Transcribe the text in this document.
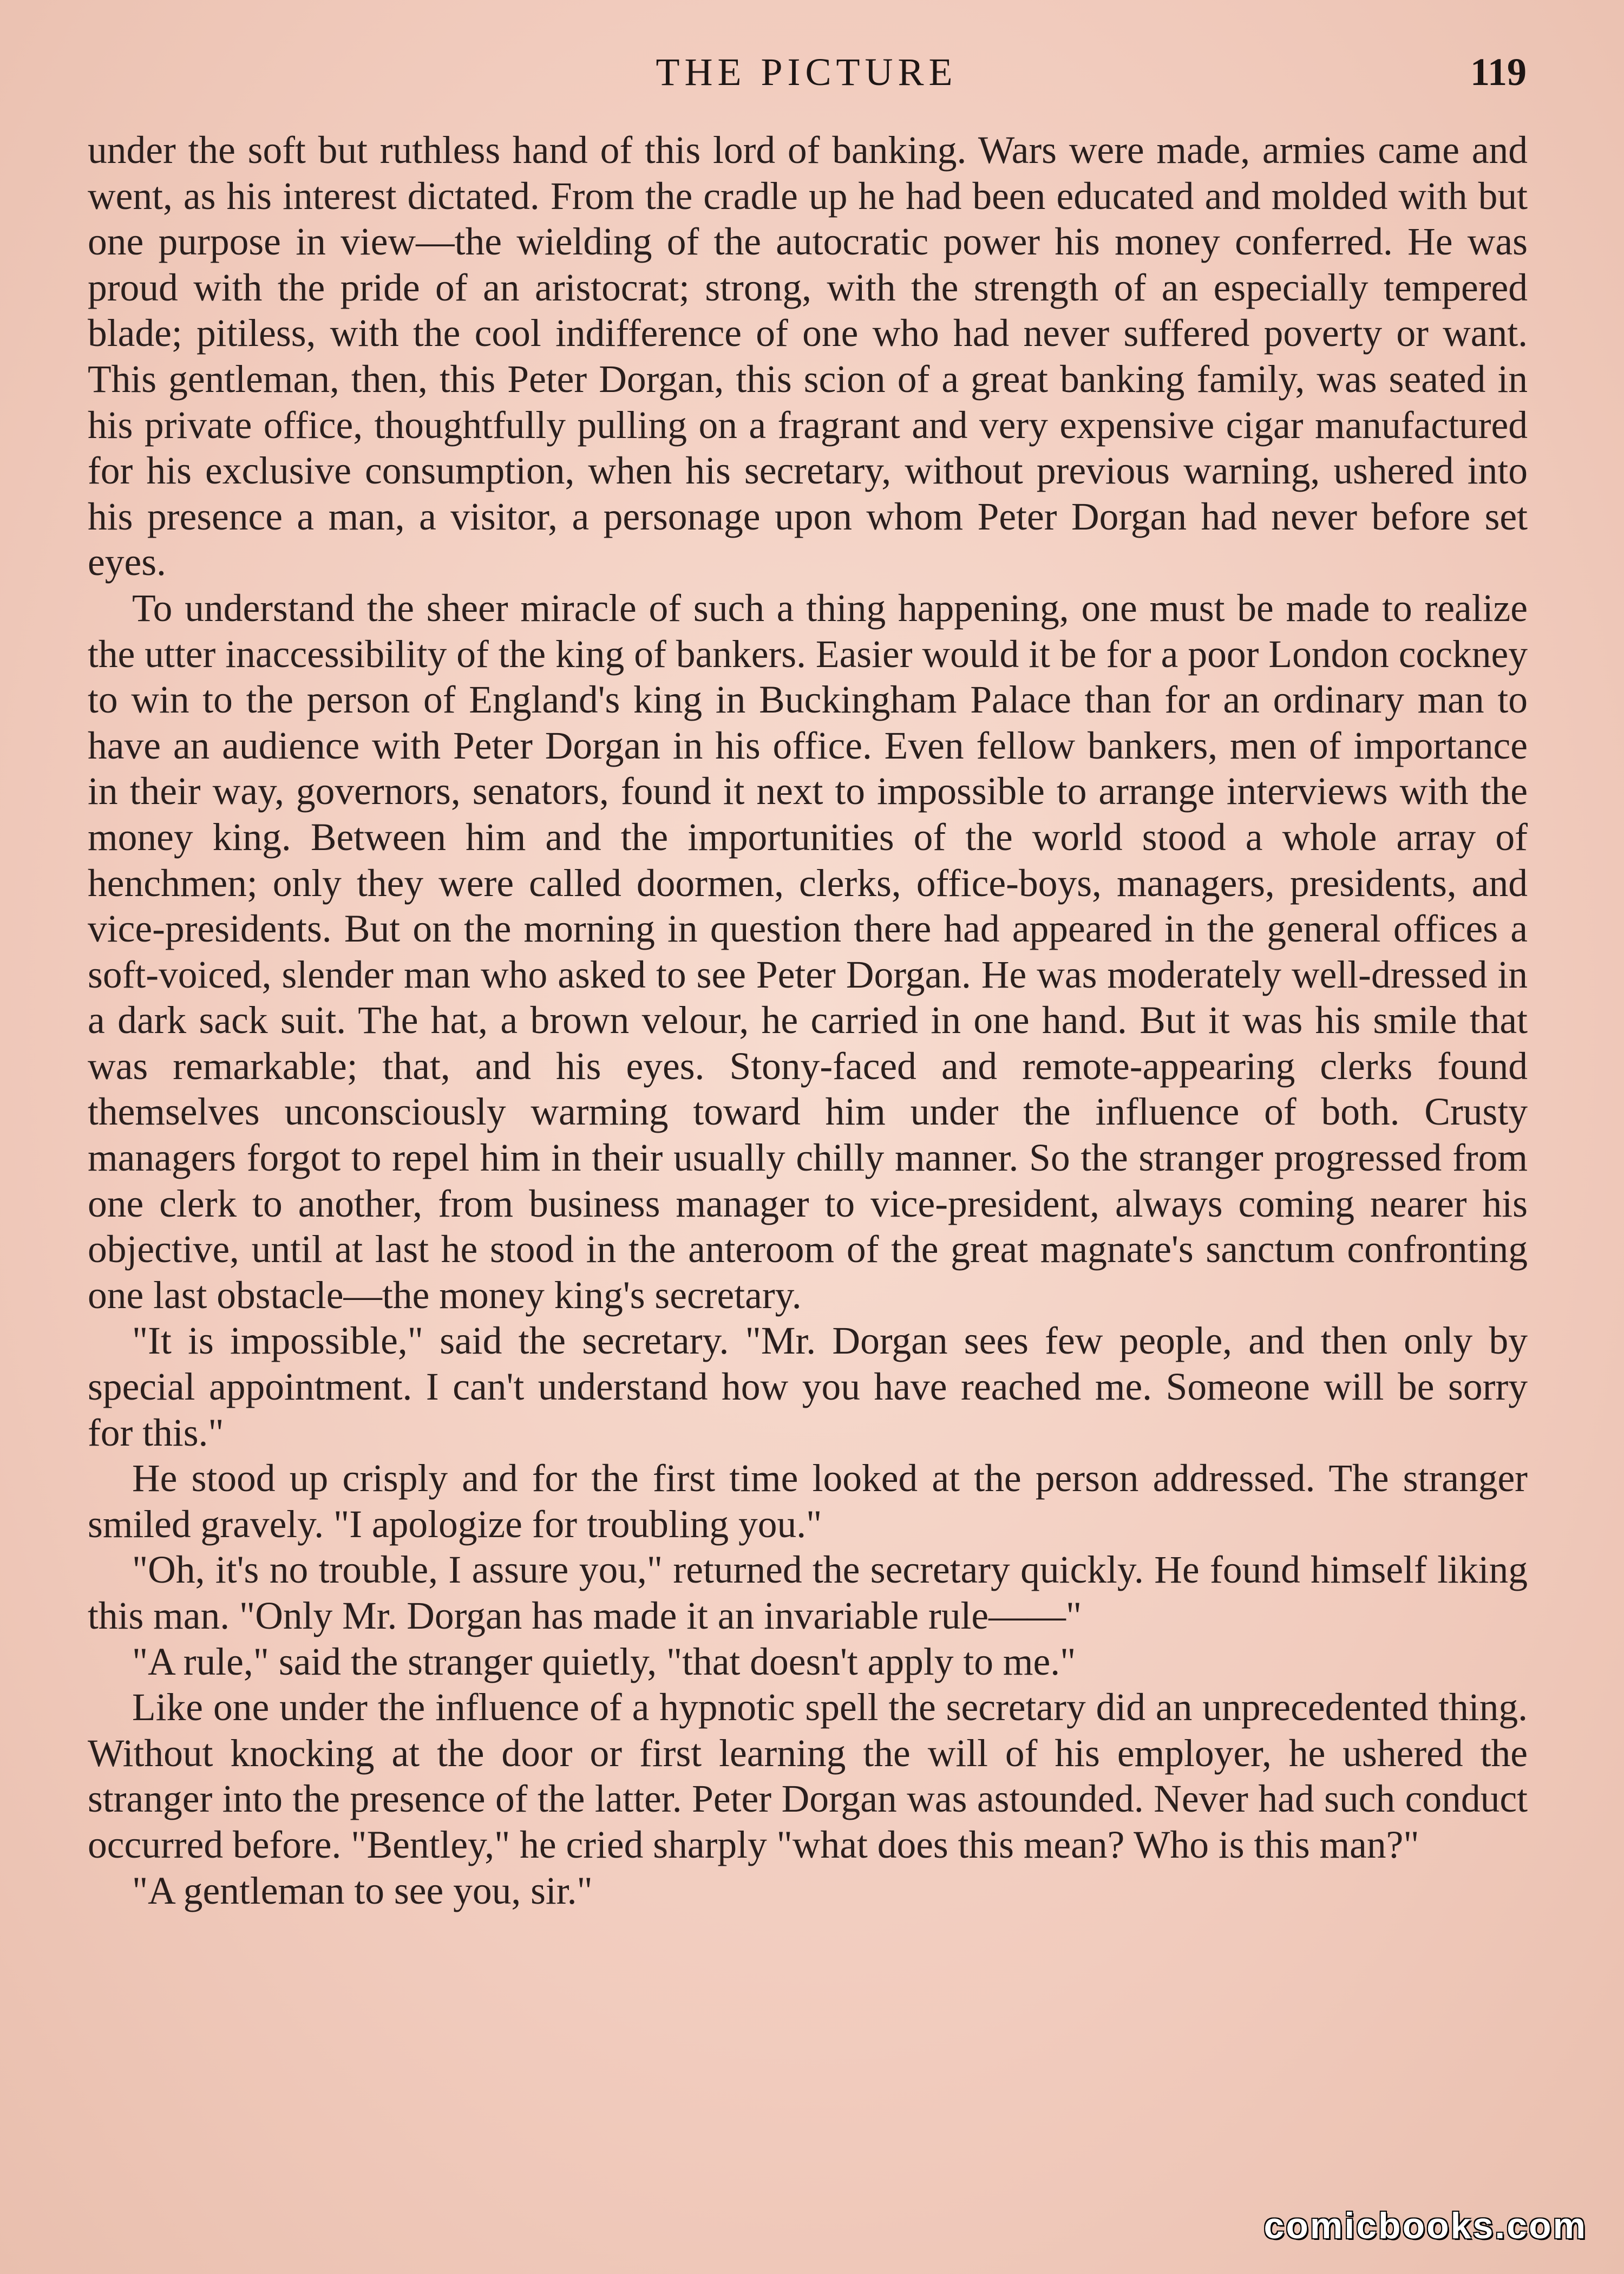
THE PICTURE	119

under the soft but ruthless hand of this lord of banking. Wars were made, armies came and went, as his interest dictated. From the cradle up he had been educated and molded with but one purpose in view—the wielding of the autocratic power his money conferred. He was proud with the pride of an aristocrat; strong, with the strength of an especially tempered blade; pitiless, with the cool indifference of one who had never suffered poverty or want. This gentleman, then, this Peter Dorgan, this scion of a great banking family, was seated in his private office, thoughtfully pulling on a fragrant and very expensive cigar manufactured for his exclusive consumption, when his secretary, without previous warning, ushered into his presence a man, a visitor, a personage upon whom Peter Dorgan had never before set eyes.

To understand the sheer miracle of such a thing happening, one must be made to realize the utter inaccessibility of the king of bankers. Easier would it be for a poor London cockney to win to the person of England's king in Buckingham Palace than for an ordinary man to have an audience with Peter Dorgan in his office. Even fellow bankers, men of importance in their way, governors, senators, found it next to impossible to arrange interviews with the money king. Between him and the importunities of the world stood a whole array of henchmen; only they were called doormen, clerks, office-boys, managers, presidents, and vice-presidents. But on the morning in question there had appeared in the general offices a soft-voiced, slender man who asked to see Peter Dorgan. He was moderately well-dressed in a dark sack suit. The hat, a brown velour, he carried in one hand. But it was his smile that was remarkable; that, and his eyes. Stony-faced and remote-appearing clerks found themselves unconsciously warming toward him under the influence of both. Crusty managers forgot to repel him in their usually chilly manner. So the stranger progressed from one clerk to another, from business manager to vice-president, always coming nearer his objective, until at last he stood in the anteroom of the great magnate's sanctum confronting one last obstacle—the money king's secretary.

"It is impossible," said the secretary. "Mr. Dorgan sees few people, and then only by special appointment. I can't understand how you have reached me. Someone will be sorry for this."

He stood up crisply and for the first time looked at the person addressed. The stranger smiled gravely. "I apologize for troubling you."

"Oh, it's no trouble, I assure you," returned the secretary quickly. He found himself liking this man. "Only Mr. Dorgan has made it an invariable rule——"

"A rule," said the stranger quietly, "that doesn't apply to me."

Like one under the influence of a hypnotic spell the secretary did an unprecedented thing. Without knocking at the door or first learning the will of his employer, he ushered the stranger into the presence of the latter. Peter Dorgan was astounded. Never had such conduct occurred before. "Bentley," he cried sharply "what does this mean? Who is this man?"

"A gentleman to see you, sir."

comicbooks.com
